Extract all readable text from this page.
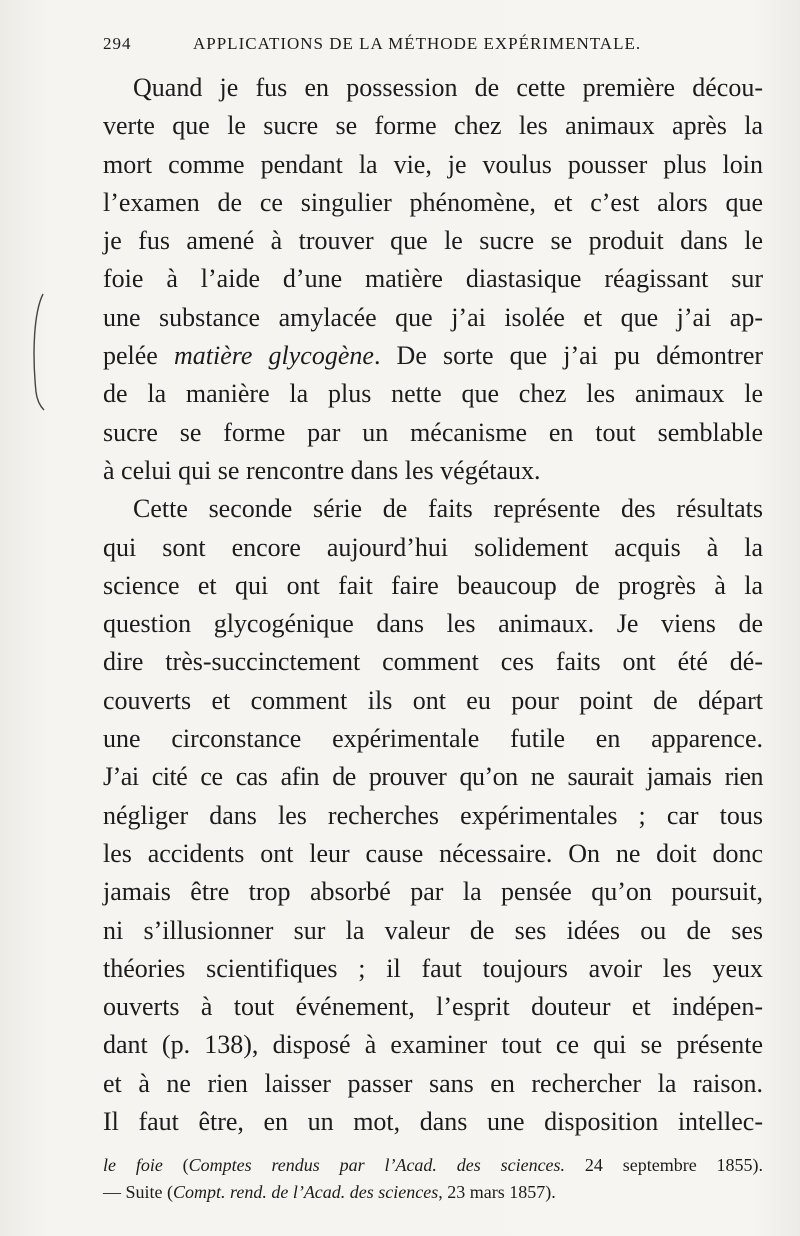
294	APPLICATIONS DE LA MÉTHODE EXPÉRIMENTALE.
Quand je fus en possession de cette première décou-
verte que le sucre se forme chez les animaux après la
mort comme pendant la vie, je voulus pousser plus loin
l’examen de ce singulier phénomène, et c’est alors que
je fus amené à trouver que le sucre se produit dans le
foie à l’aide d’une matière diastasique réagissant sur
une substance amylacée que j’ai isolée et que j’ai ap-
pelée matière glycogène. De sorte que j’ai pu démontrer
de la manière la plus nette que chez les animaux le
sucre se forme par un mécanisme en tout semblable
à celui qui se rencontre dans les végétaux.
Cette seconde série de faits représente des résultats
qui sont encore aujourd’hui solidement acquis à la
science et qui ont fait faire beaucoup de progrès à la
question glycogénique dans les animaux. Je viens de
dire très-succinctement comment ces faits ont été dé-
couverts et comment ils ont eu pour point de départ
une circonstance expérimentale futile en apparence.
J’ai cité ce cas afin de prouver qu’on ne saurait jamais rien
négliger dans les recherches expérimentales ; car tous
les accidents ont leur cause nécessaire. On ne doit donc
jamais être trop absorbé par la pensée qu’on poursuit,
ni s’illusionner sur la valeur de ses idées ou de ses
théories scientifiques ; il faut toujours avoir les yeux
ouverts à tout événement, l’esprit douteur et indépen-
dant (p. 138), disposé à examiner tout ce qui se présente
et à ne rien laisser passer sans en rechercher la raison.
Il faut être, en un mot, dans une disposition intellec-
le foie (Comptes rendus par l’Acad. des sciences. 24 septembre 1855).
— Suite (Compt. rend. de l’Acad. des sciences, 23 mars 1857).
